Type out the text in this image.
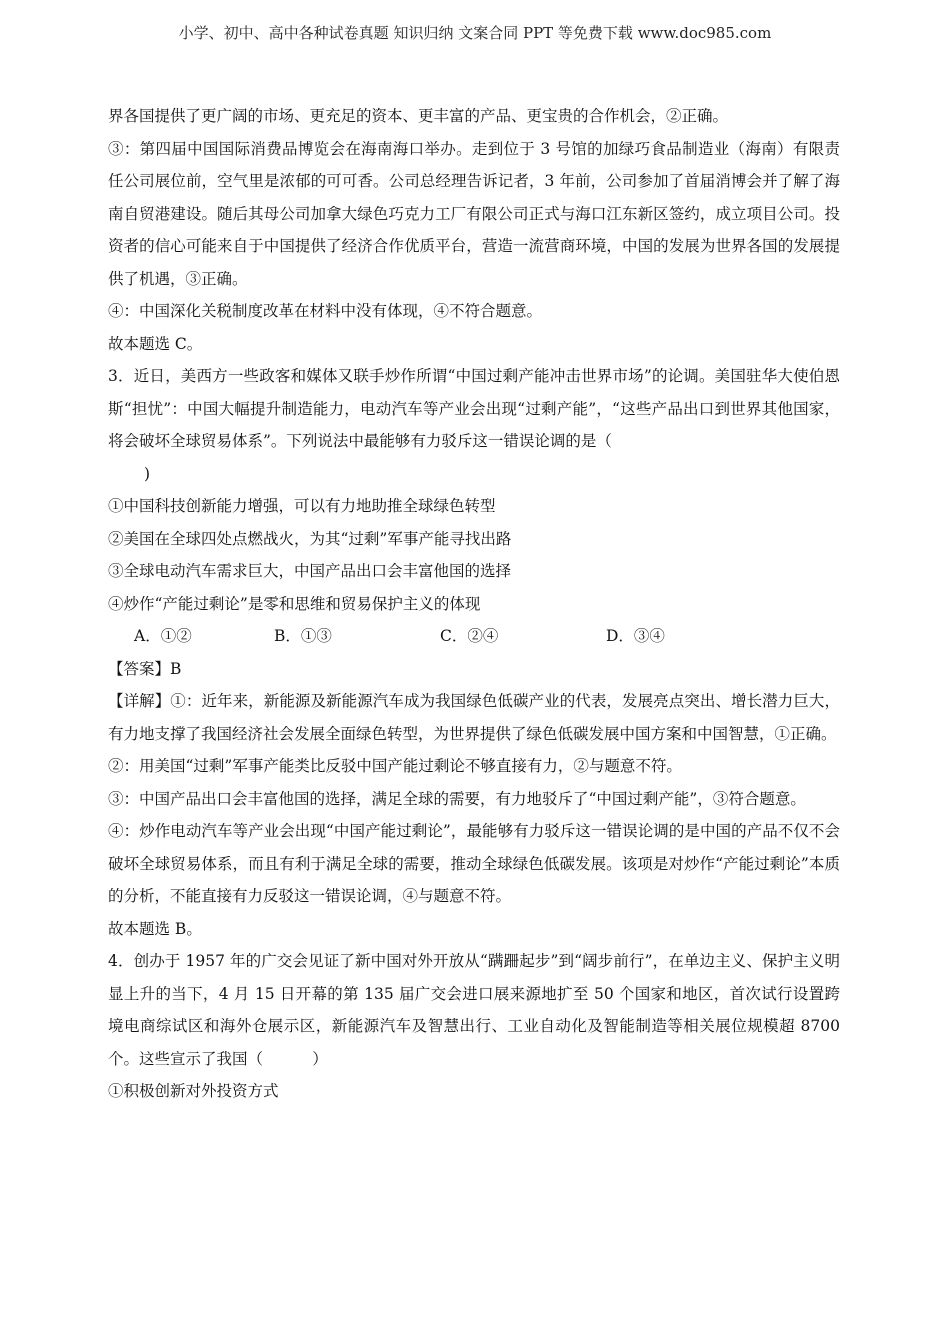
小学、初中、高中各种试卷真题 知识归纳 文案合同 PPT 等免费下载 www.doc985.com

界各国提供了更广阔的市场、更充足的资本、更丰富的产品、更宝贵的合作机会，②正确。

③：第四届中国国际消费品博览会在海南海口举办。走到位于 3 号馆的加绿巧食品制造业（海南）有限责任公司展位前，空气里是浓郁的可可香。公司总经理告诉记者，3 年前，公司参加了首届消博会并了解了海南自贸港建设。随后其母公司加拿大绿色巧克力工厂有限公司正式与海口江东新区签约，成立项目公司。投资者的信心可能来自于中国提供了经济合作优质平台，营造一流营商环境，中国的发展为世界各国的发展提供了机遇，③正确。

④：中国深化关税制度改革在材料中没有体现，④不符合题意。

故本题选 C。

3．近日，美西方一些政客和媒体又联手炒作所谓“中国过剩产能冲击世界市场”的论调。美国驻华大使伯恩斯“担忧”：中国大幅提升制造能力，电动汽车等产业会出现“过剩产能”，“这些产品出口到世界其他国家，将会破坏全球贸易体系”。下列说法中最能够有力驳斥这一错误论调的是（

)

①中国科技创新能力增强，可以有力地助推全球绿色转型

②美国在全球四处点燃战火，为其“过剩”军事产能寻找出路

③全球电动汽车需求巨大，中国产品出口会丰富他国的选择

④炒作“产能过剩论”是零和思维和贸易保护主义的体现

A．①②	B．①③	C．②④	D．③④

【答案】B

【详解】①：近年来，新能源及新能源汽车成为我国绿色低碳产业的代表，发展亮点突出、增长潜力巨大，有力地支撑了我国经济社会发展全面绿色转型，为世界提供了绿色低碳发展中国方案和中国智慧，①正确。

②：用美国“过剩”军事产能类比反驳中国产能过剩论不够直接有力，②与题意不符。

③：中国产品出口会丰富他国的选择，满足全球的需要，有力地驳斥了“中国过剩产能”，③符合题意。

④：炒作电动汽车等产业会出现“中国产能过剩论”，最能够有力驳斥这一错误论调的是中国的产品不仅不会破坏全球贸易体系，而且有利于满足全球的需要，推动全球绿色低碳发展。该项是对炒作“产能过剩论”本质的分析，不能直接有力反驳这一错误论调，④与题意不符。

故本题选 B。

4．创办于 1957 年的广交会见证了新中国对外开放从“蹒跚起步”到“阔步前行”，在单边主义、保护主义明显上升的当下，4 月 15 日开幕的第 135 届广交会进口展来源地扩至 50 个国家和地区，首次试行设置跨境电商综试区和海外仓展示区，新能源汽车及智慧出行、工业自动化及智能制造等相关展位规模超 8700 个。这些宣示了我国（          ）

①积极创新对外投资方式
